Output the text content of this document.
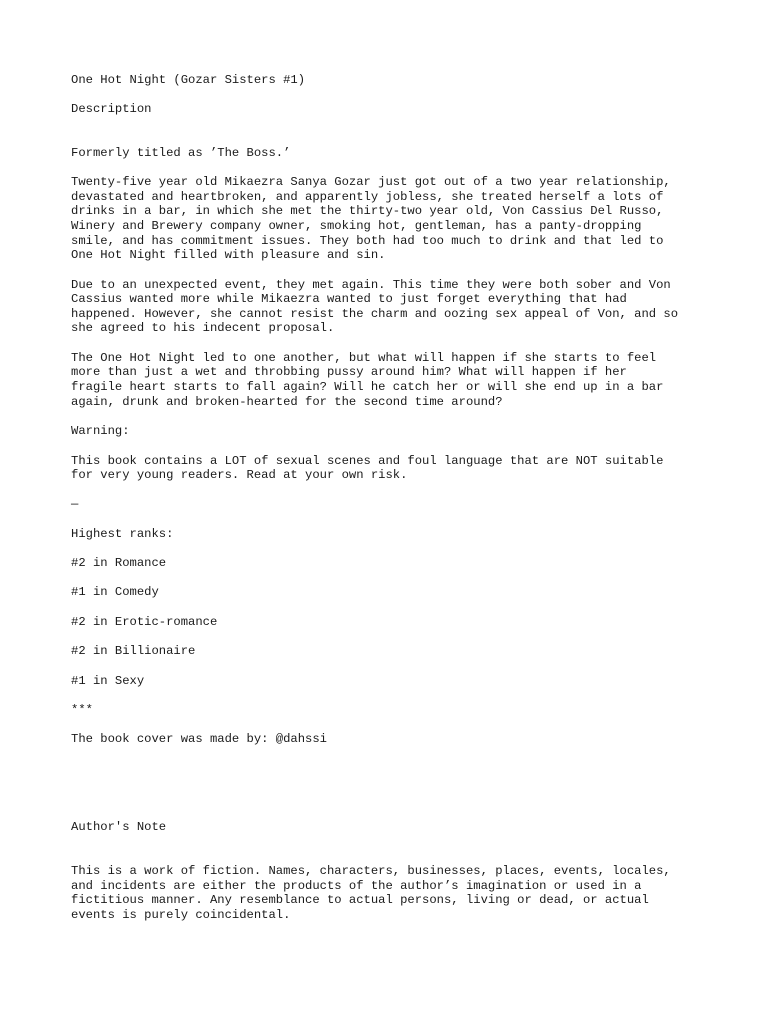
One Hot Night (Gozar Sisters #1)

Description

Formerly titled as ’The Boss.’

Twenty-five year old Mikaezra Sanya Gozar just got out of a two year relationship,

devastated and heartbroken, and apparently jobless, she treated herself a lots of

drinks in a bar, in which she met the thirty-two year old, Von Cassius Del Russo,

Winery and Brewery company owner, smoking hot, gentleman, has a panty-dropping

smile, and has commitment issues. They both had too much to drink and that led to

One Hot Night filled with pleasure and sin.

Due to an unexpected event, they met again. This time they were both sober and Von

Cassius wanted more while Mikaezra wanted to just forget everything that had

happened. However, she cannot resist the charm and oozing sex appeal of Von, and so

she agreed to his indecent proposal.

The One Hot Night led to one another, but what will happen if she starts to feel

more than just a wet and throbbing pussy around him? What will happen if her

fragile heart starts to fall again? Will he catch her or will she end up in a bar

again, drunk and broken-hearted for the second time around?

Warning:

This book contains a LOT of sexual scenes and foul language that are NOT suitable

for very young readers. Read at your own risk.

—

Highest ranks:

#2 in Romance

#1 in Comedy

#2 in Erotic-romance

#2 in Billionaire

#1 in Sexy

***

The book cover was made by: @dahssi

Author's Note

This is a work of fiction. Names, characters, businesses, places, events, locales,

and incidents are either the products of the author’s imagination or used in a

fictitious manner. Any resemblance to actual persons, living or dead, or actual

events is purely coincidental.
